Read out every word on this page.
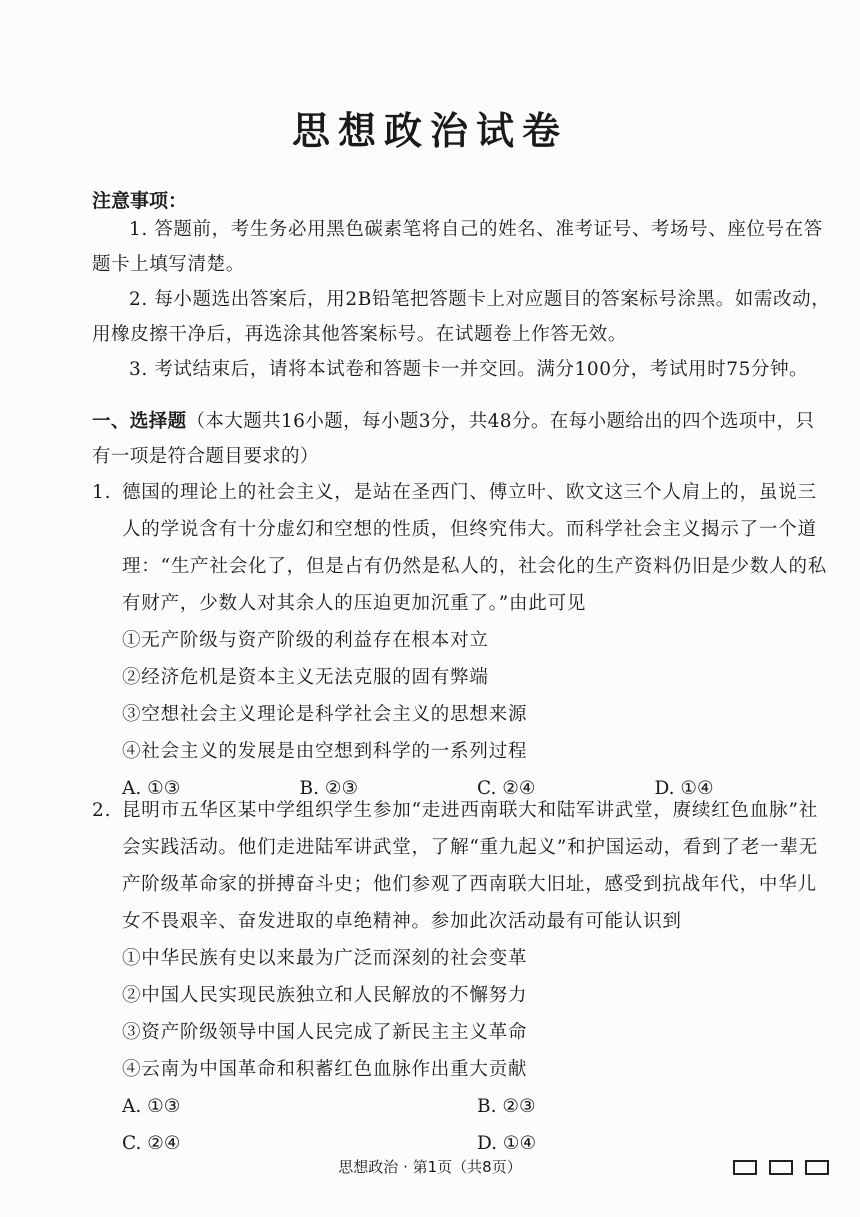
思想政治试卷
注意事项：
1. 答题前，考生务必用黑色碳素笔将自己的姓名、准考证号、考场号、座位号在答题卡上填写清楚。
2. 每小题选出答案后，用2B铅笔把答题卡上对应题目的答案标号涂黑。如需改动，用橡皮擦干净后，再选涂其他答案标号。在试题卷上作答无效。
3. 考试结束后，请将本试卷和答题卡一并交回。满分100分，考试用时75分钟。
一、选择题（本大题共16小题，每小题3分，共48分。在每小题给出的四个选项中，只有一项是符合题目要求的）
1. 德国的理论上的社会主义，是站在圣西门、傅立叶、欧文这三个人肩上的，虽说三人的学说含有十分虚幻和空想的性质，但终究伟大。而科学社会主义揭示了一个道理：“生产社会化了，但是占有仍然是私人的，社会化的生产资料仍旧是少数人的私有财产，少数人对其余人的压迫更加沉重了。”由此可见
①无产阶级与资产阶级的利益存在根本对立
②经济危机是资本主义无法克服的固有弊端
③空想社会主义理论是科学社会主义的思想来源
④社会主义的发展是由空想到科学的一系列过程
A. ①③	B. ②③	C. ②④	D. ①④
2. 昆明市五华区某中学组织学生参加“走进西南联大和陆军讲武堂，赓续红色血脉”社会实践活动。他们走进陆军讲武堂，了解“重九起义”和护国运动，看到了老一辈无产阶级革命家的拼搏奋斗史；他们参观了西南联大旧址，感受到抗战年代，中华儿女不畏艰辛、奋发进取的卓绝精神。参加此次活动最有可能认识到
①中华民族有史以来最为广泛而深刻的社会变革
②中国人民实现民族独立和人民解放的不懈努力
③资产阶级领导中国人民完成了新民主主义革命
④云南为中国革命和积蓄红色血脉作出重大贡献
A. ①③	B. ②③
C. ②④	D. ①④
思想政治 · 第1页（共8页）
